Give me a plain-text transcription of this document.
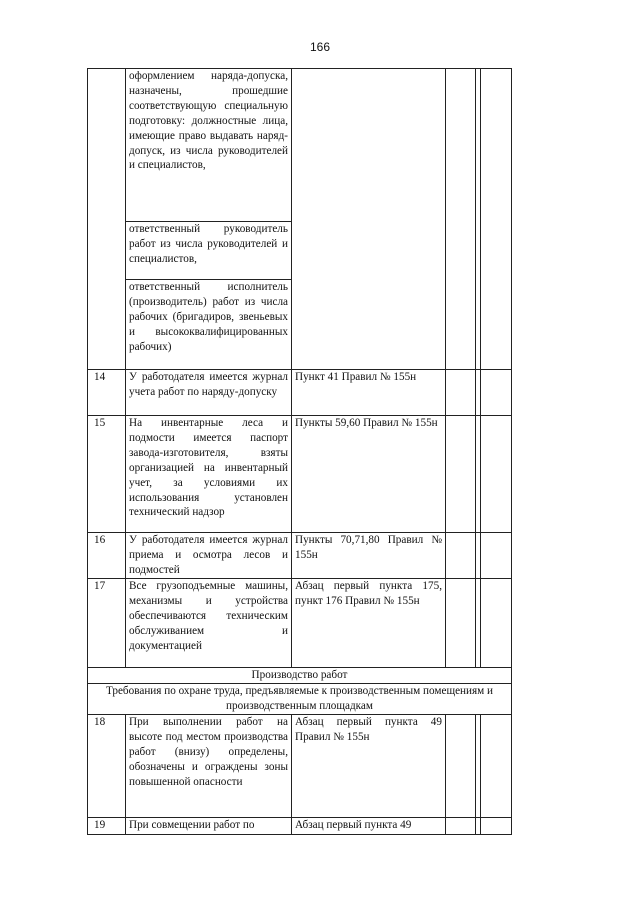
166
	оформлением наряда-допуска, назначены, прошедшие соответствующую специальную подготовку: должностные лица, имеющие право выдавать наряд-допуск, из числа руководителей и специалистов,				
	ответственный руководитель работ из числа руководителей и специалистов,				
	ответственный исполнитель (производитель) работ из числа рабочих (бригадиров, звеньевых и высококвалифицированных рабочих)				
14	У работодателя имеется журнал учета работ по наряду-допуску	Пункт 41 Правил № 155н			
15	На инвентарные леса и подмости имеется паспорт завода-изготовителя, взяты организацией на инвентарный учет, за условиями их использования установлен технический надзор	Пункты 59,60 Правил № 155н			
16	У работодателя имеется журнал приема и осмотра лесов и подмостей	Пункты 70,71,80 Правил № 155н			
17	Все грузоподъемные машины, механизмы и устройства обеспечиваются техническим обслуживанием и документацией	Абзац первый пункта 175, пункт 176 Правил № 155н			
Производство работ					
Требования по охране труда, предъявляемые к производственным помещениям и производственным площадкам					
18	При выполнении работ на высоте под местом производства работ (внизу) определены, обозначены и ограждены зоны повышенной опасности	Абзац первый пункта 49 Правил № 155н			
19	При совмещении работ по	Абзац первый пункта 49			
